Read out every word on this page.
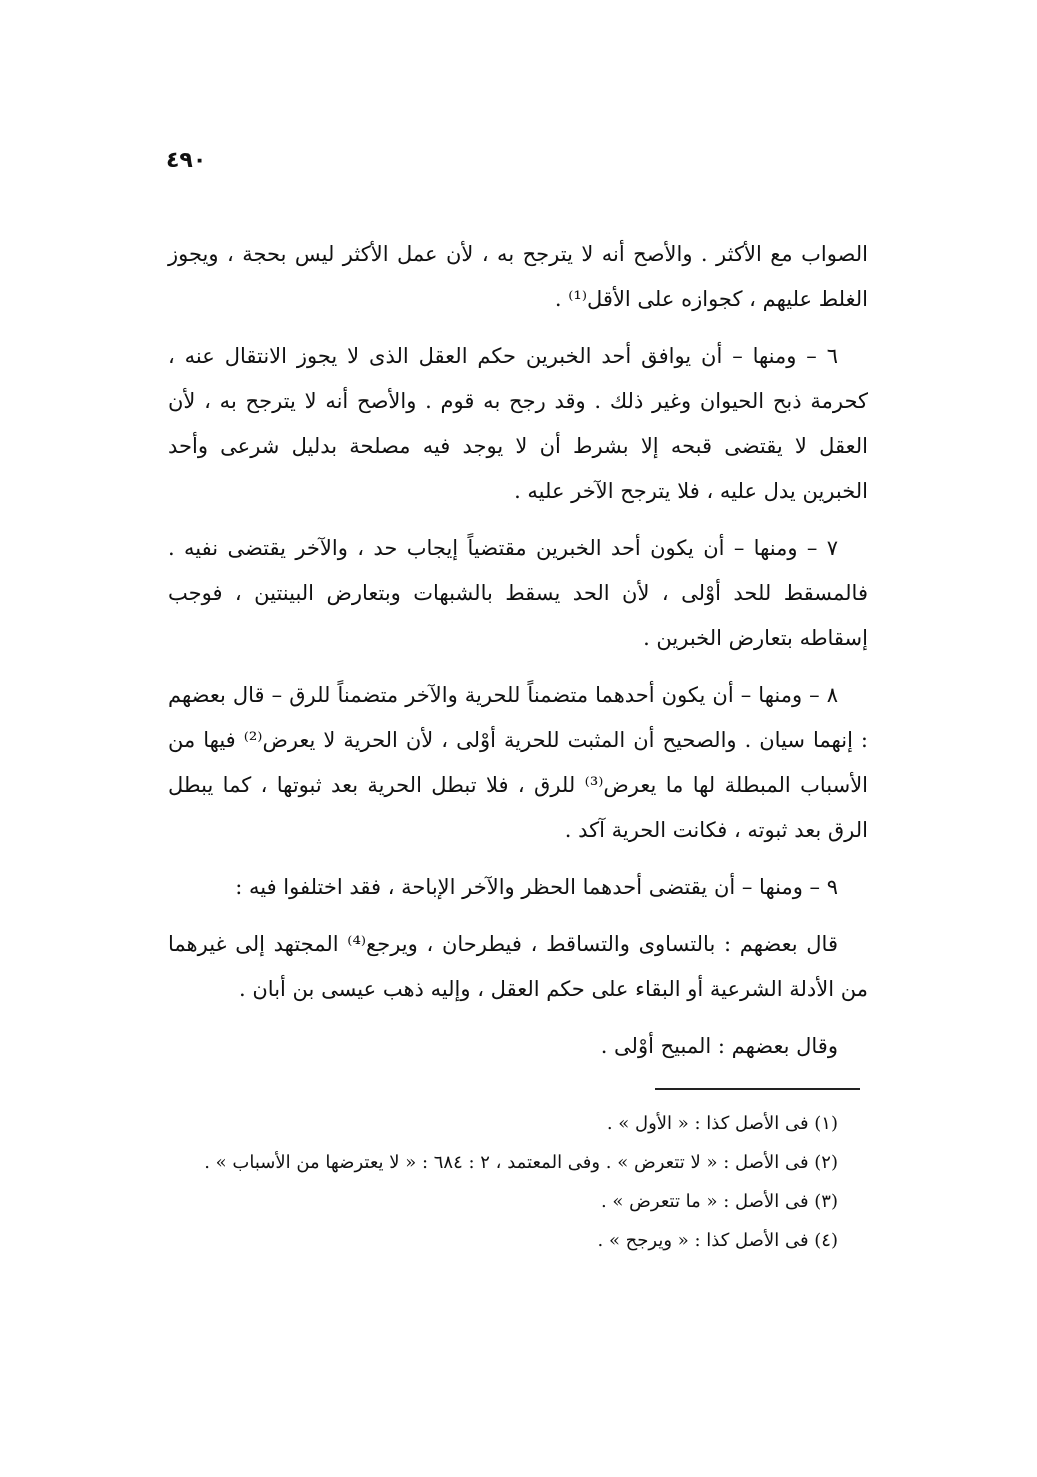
٤٩٠

الصواب مع الأكثر . والأصح أنه لا يترجح به ، لأن عمل الأكثر ليس بحجة ، ويجوز الغلط عليهم ، كجوازه على الأقل⁽¹⁾ .

٦ – ومنها – أن يوافق أحد الخبرين حكم العقل الذى لا يجوز الانتقال عنه ، كحرمة ذبح الحيوان وغير ذلك . وقد رجح به قوم . والأصح أنه لا يترجح به ، لأن العقل لا يقتضى قبحه إلا بشرط أن لا يوجد فيه مصلحة بدليل شرعى وأحد الخبرين يدل عليه ، فلا يترجح الآخر عليه .

٧ – ومنها – أن يكون أحد الخبرين مقتضياً إيجاب حد ، والآخر يقتضى نفيه . فالمسقط للحد أوْلى ، لأن الحد يسقط بالشبهات وبتعارض البينتين ، فوجب إسقاطه بتعارض الخبرين .

٨ – ومنها – أن يكون أحدهما متضمناً للحرية والآخر متضمناً للرق – قال بعضهم : إنهما سيان . والصحيح أن المثبت للحرية أوْلى ، لأن الحرية لا يعرض⁽²⁾ فيها من الأسباب المبطلة لها ما يعرض⁽³⁾ للرق ، فلا تبطل الحرية بعد ثبوتها ، كما يبطل الرق بعد ثبوته ، فكانت الحرية آكد .

٩ – ومنها – أن يقتضى أحدهما الحظر والآخر الإباحة ، فقد اختلفوا فيه :

قال بعضهم : بالتساوى والتساقط ، فيطرحان ، ويرجع⁽⁴⁾ المجتهد إلى غيرهما من الأدلة الشرعية أو البقاء على حكم العقل ، وإليه ذهب عيسى بن أبان .

وقال بعضهم : المبيح أوْلى .

(١) فى الأصل كذا : « الأول » .

(٢) فى الأصل : « لا تتعرض » . وفى المعتمد ، ٢ : ٦٨٤ : « لا يعترضها من الأسباب » .

(٣) فى الأصل : « ما تتعرض » .

(٤) فى الأصل كذا : « ويرجح » .
